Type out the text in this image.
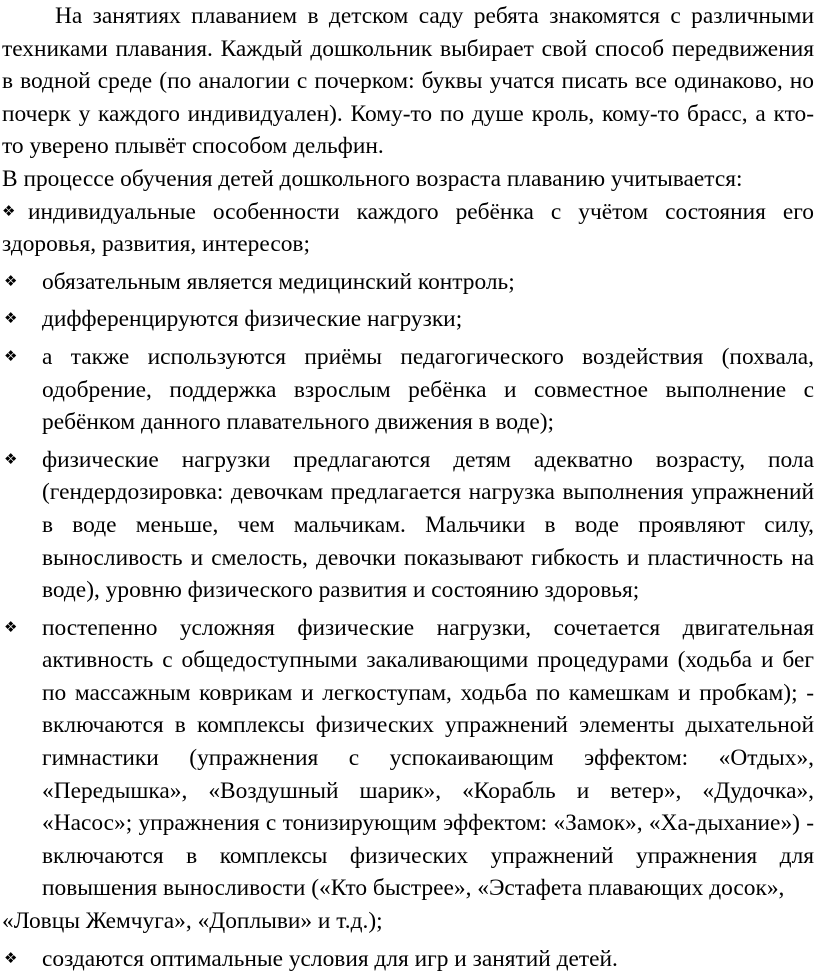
На занятиях плаванием в детском саду ребята знакомятся с различными техниками плавания. Каждый дошкольник выбирает свой способ передвижения в водной среде (по аналогии с почерком: буквы учатся писать все одинаково, но почерк у каждого индивидуален). Кому-то по душе кроль, кому-то брасс, а кто-то уверено плывёт способом дельфин.

В процессе обучения детей дошкольного возраста плаванию учитывается:

❖ индивидуальные особенности каждого ребёнка с учётом состояния его здоровья, развития, интересов;

❖ обязательным является медицинский контроль;

❖ дифференцируются физические нагрузки;

❖ а также используются приёмы педагогического воздействия (похвала, одобрение, поддержка взрослым ребёнка и совместное выполнение с ребёнком данного плавательного движения в воде);

❖ физические нагрузки предлагаются детям адекватно возрасту, пола (гендердозировка: девочкам предлагается нагрузка выполнения упражнений в воде меньше, чем мальчикам. Мальчики в воде проявляют силу, выносливость и смелость, девочки показывают гибкость и пластичность на воде), уровню физического развития и состоянию здоровья;

❖ постепенно усложняя физические нагрузки, сочетается двигательная активность с общедоступными закаливающими процедурами (ходьба и бег по массажным коврикам и легкоступам, ходьба по камешкам и пробкам); - включаются в комплексы физических упражнений элементы дыхательной гимнастики (упражнения с успокаивающим эффектом: «Отдых», «Передышка», «Воздушный шарик», «Корабль и ветер», «Дудочка», «Насос»; упражнения с тонизирующим эффектом: «Замок», «Ха-дыхание») - включаются в комплексы физических упражнений упражнения для повышения выносливости («Кто быстрее», «Эстафета плавающих досок»,

«Ловцы Жемчуга», «Доплыви» и т.д.);

❖ создаются оптимальные условия для игр и занятий детей.
